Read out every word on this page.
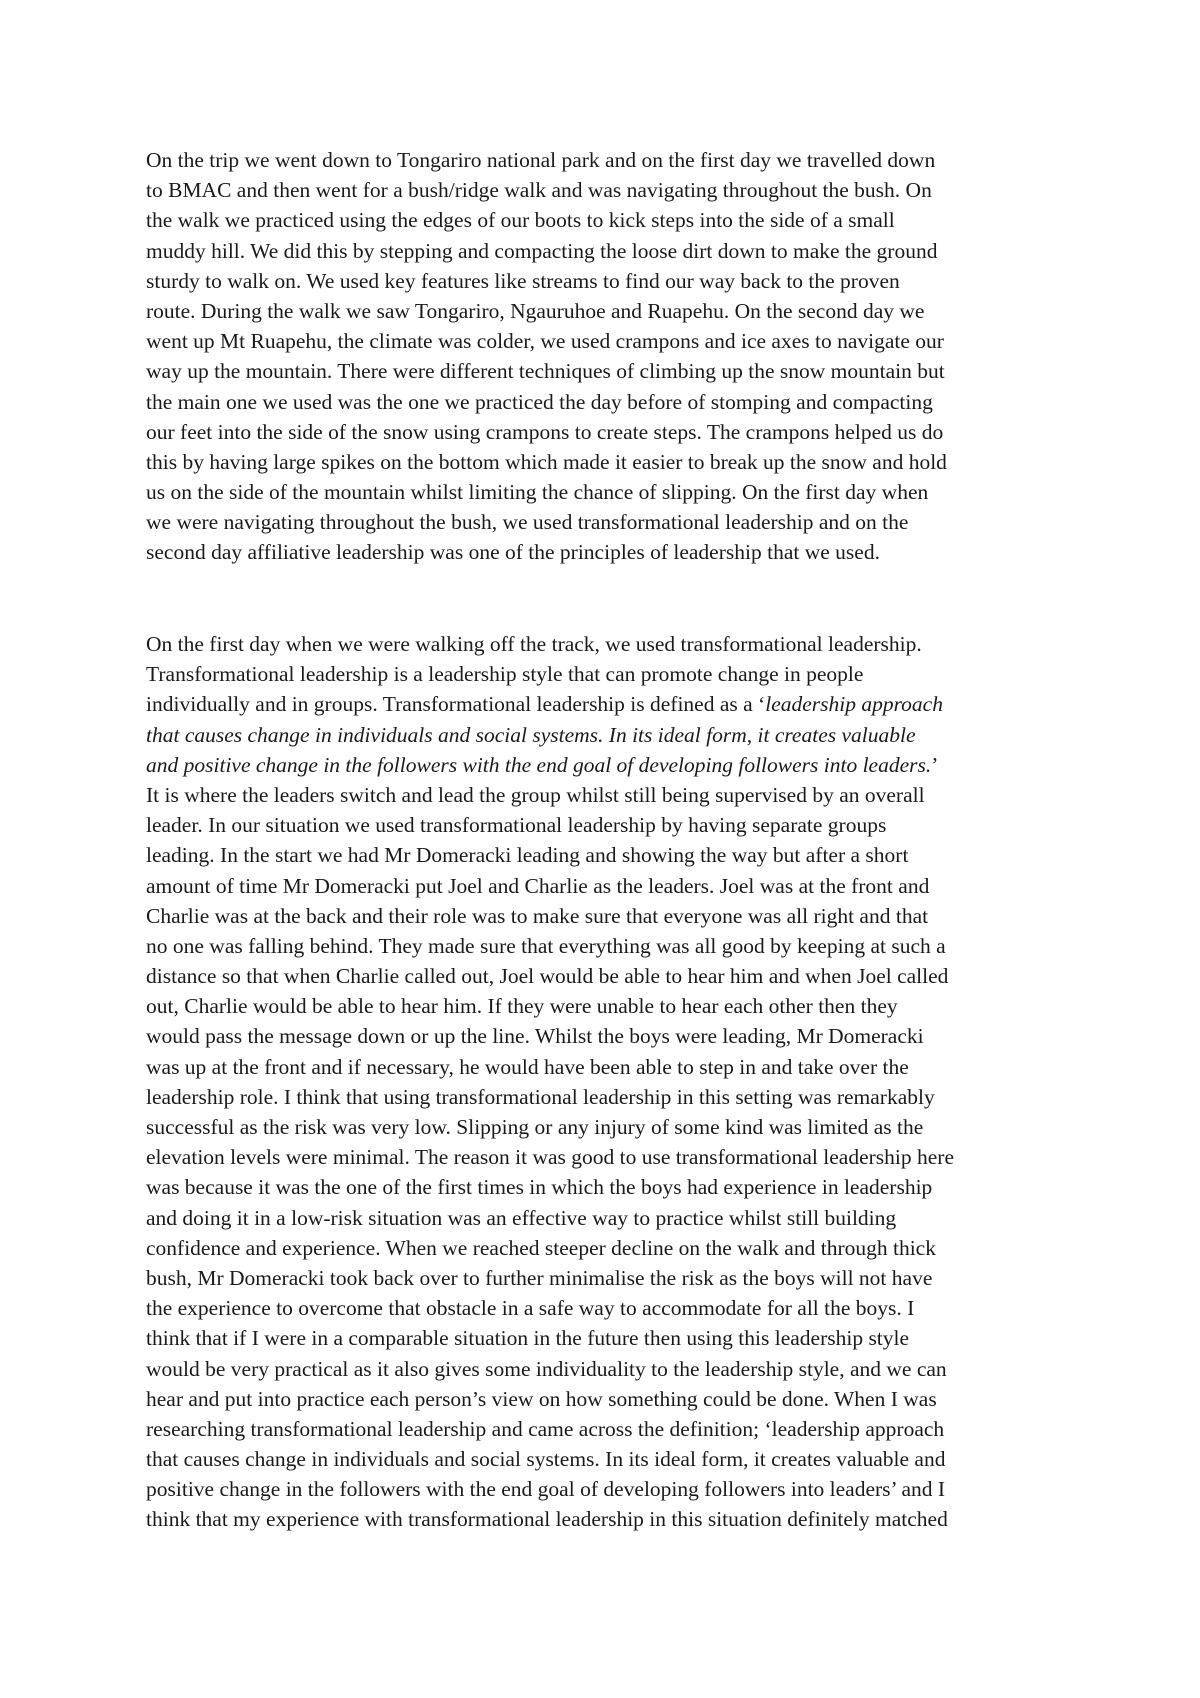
On the trip we went down to Tongariro national park and on the first day we travelled down
to BMAC and then went for a bush/ridge walk and was navigating throughout the bush. On
the walk we practiced using the edges of our boots to kick steps into the side of a small
muddy hill. We did this by stepping and compacting the loose dirt down to make the ground
sturdy to walk on. We used key features like streams to find our way back to the proven
route. During the walk we saw Tongariro, Ngauruhoe and Ruapehu. On the second day we
went up Mt Ruapehu, the climate was colder, we used crampons and ice axes to navigate our
way up the mountain. There were different techniques of climbing up the snow mountain but
the main one we used was the one we practiced the day before of stomping and compacting
our feet into the side of the snow using crampons to create steps. The crampons helped us do
this by having large spikes on the bottom which made it easier to break up the snow and hold
us on the side of the mountain whilst limiting the chance of slipping. On the first day when
we were navigating throughout the bush, we used transformational leadership and on the
second day affiliative leadership was one of the principles of leadership that we used.
On the first day when we were walking off the track, we used transformational leadership.
Transformational leadership is a leadership style that can promote change in people
individually and in groups. Transformational leadership is defined as a ‘leadership approach
that causes change in individuals and social systems. In its ideal form, it creates valuable
and positive change in the followers with the end goal of developing followers into leaders.’
It is where the leaders switch and lead the group whilst still being supervised by an overall
leader. In our situation we used transformational leadership by having separate groups
leading. In the start we had Mr Domeracki leading and showing the way but after a short
amount of time Mr Domeracki put Joel and Charlie as the leaders. Joel was at the front and
Charlie was at the back and their role was to make sure that everyone was all right and that
no one was falling behind. They made sure that everything was all good by keeping at such a
distance so that when Charlie called out, Joel would be able to hear him and when Joel called
out, Charlie would be able to hear him. If they were unable to hear each other then they
would pass the message down or up the line. Whilst the boys were leading, Mr Domeracki
was up at the front and if necessary, he would have been able to step in and take over the
leadership role. I think that using transformational leadership in this setting was remarkably
successful as the risk was very low. Slipping or any injury of some kind was limited as the
elevation levels were minimal. The reason it was good to use transformational leadership here
was because it was the one of the first times in which the boys had experience in leadership
and doing it in a low-risk situation was an effective way to practice whilst still building
confidence and experience. When we reached steeper decline on the walk and through thick
bush, Mr Domeracki took back over to further minimalise the risk as the boys will not have
the experience to overcome that obstacle in a safe way to accommodate for all the boys. I
think that if I were in a comparable situation in the future then using this leadership style
would be very practical as it also gives some individuality to the leadership style, and we can
hear and put into practice each person’s view on how something could be done. When I was
researching transformational leadership and came across the definition; ‘leadership approach
that causes change in individuals and social systems. In its ideal form, it creates valuable and
positive change in the followers with the end goal of developing followers into leaders’ and I
think that my experience with transformational leadership in this situation definitely matched
